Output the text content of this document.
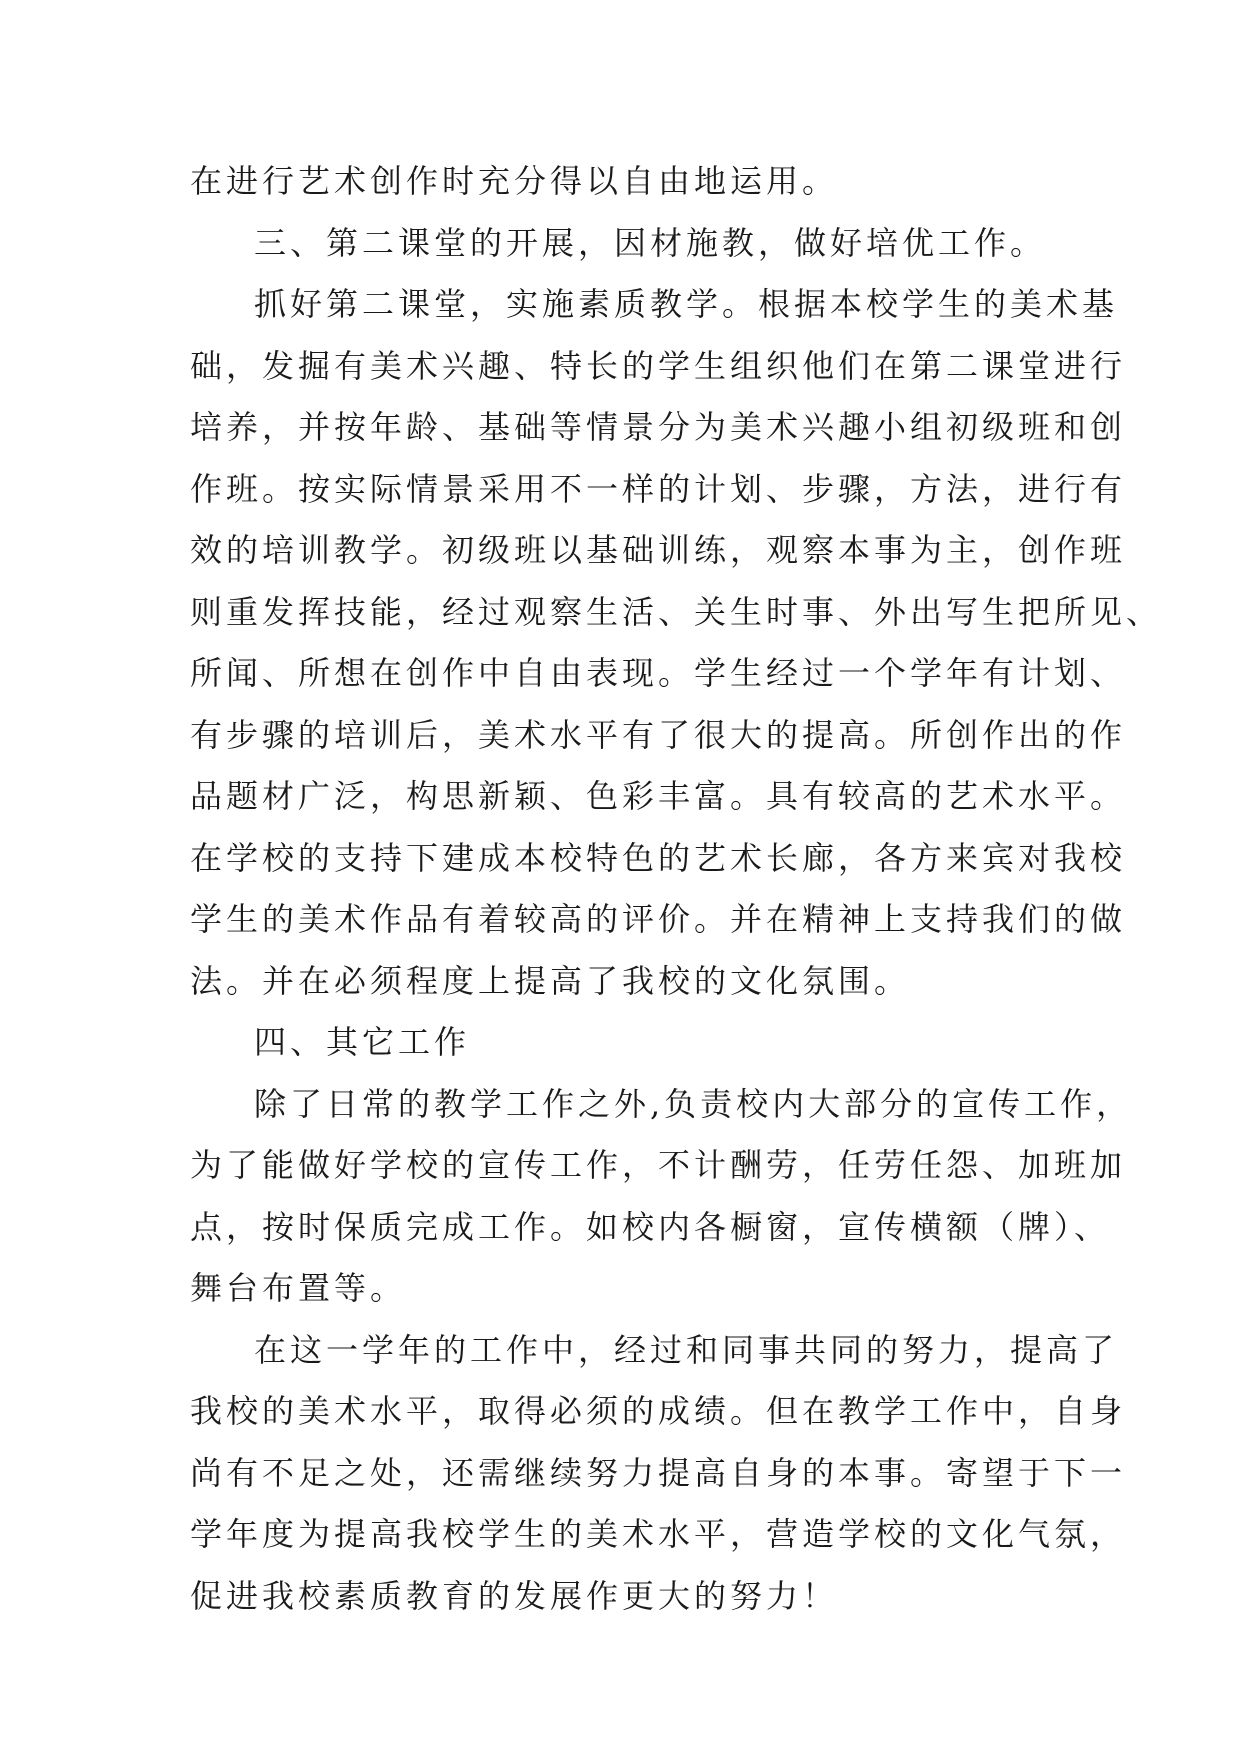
在进行艺术创作时充分得以自由地运用。
三、第二课堂的开展，因材施教，做好培优工作。
抓好第二课堂，实施素质教学。根据本校学生的美术基
础，发掘有美术兴趣、特长的学生组织他们在第二课堂进行
培养，并按年龄、基础等情景分为美术兴趣小组初级班和创
作班。按实际情景采用不一样的计划、步骤，方法，进行有
效的培训教学。初级班以基础训练，观察本事为主，创作班
则重发挥技能，经过观察生活、关生时事、外出写生把所见、
所闻、所想在创作中自由表现。学生经过一个学年有计划、
有步骤的培训后，美术水平有了很大的提高。所创作出的作
品题材广泛，构思新颖、色彩丰富。具有较高的艺术水平。
在学校的支持下建成本校特色的艺术长廊，各方来宾对我校
学生的美术作品有着较高的评价。并在精神上支持我们的做
法。并在必须程度上提高了我校的文化氛围。
四、其它工作
除了日常的教学工作之外,负责校内大部分的宣传工作，
为了能做好学校的宣传工作，不计酬劳，任劳任怨、加班加
点，按时保质完成工作。如校内各橱窗，宣传横额（牌）、
舞台布置等。
在这一学年的工作中，经过和同事共同的努力，提高了
我校的美术水平，取得必须的成绩。但在教学工作中，自身
尚有不足之处，还需继续努力提高自身的本事。寄望于下一
学年度为提高我校学生的美术水平，营造学校的文化气氛，
促进我校素质教育的发展作更大的努力！
